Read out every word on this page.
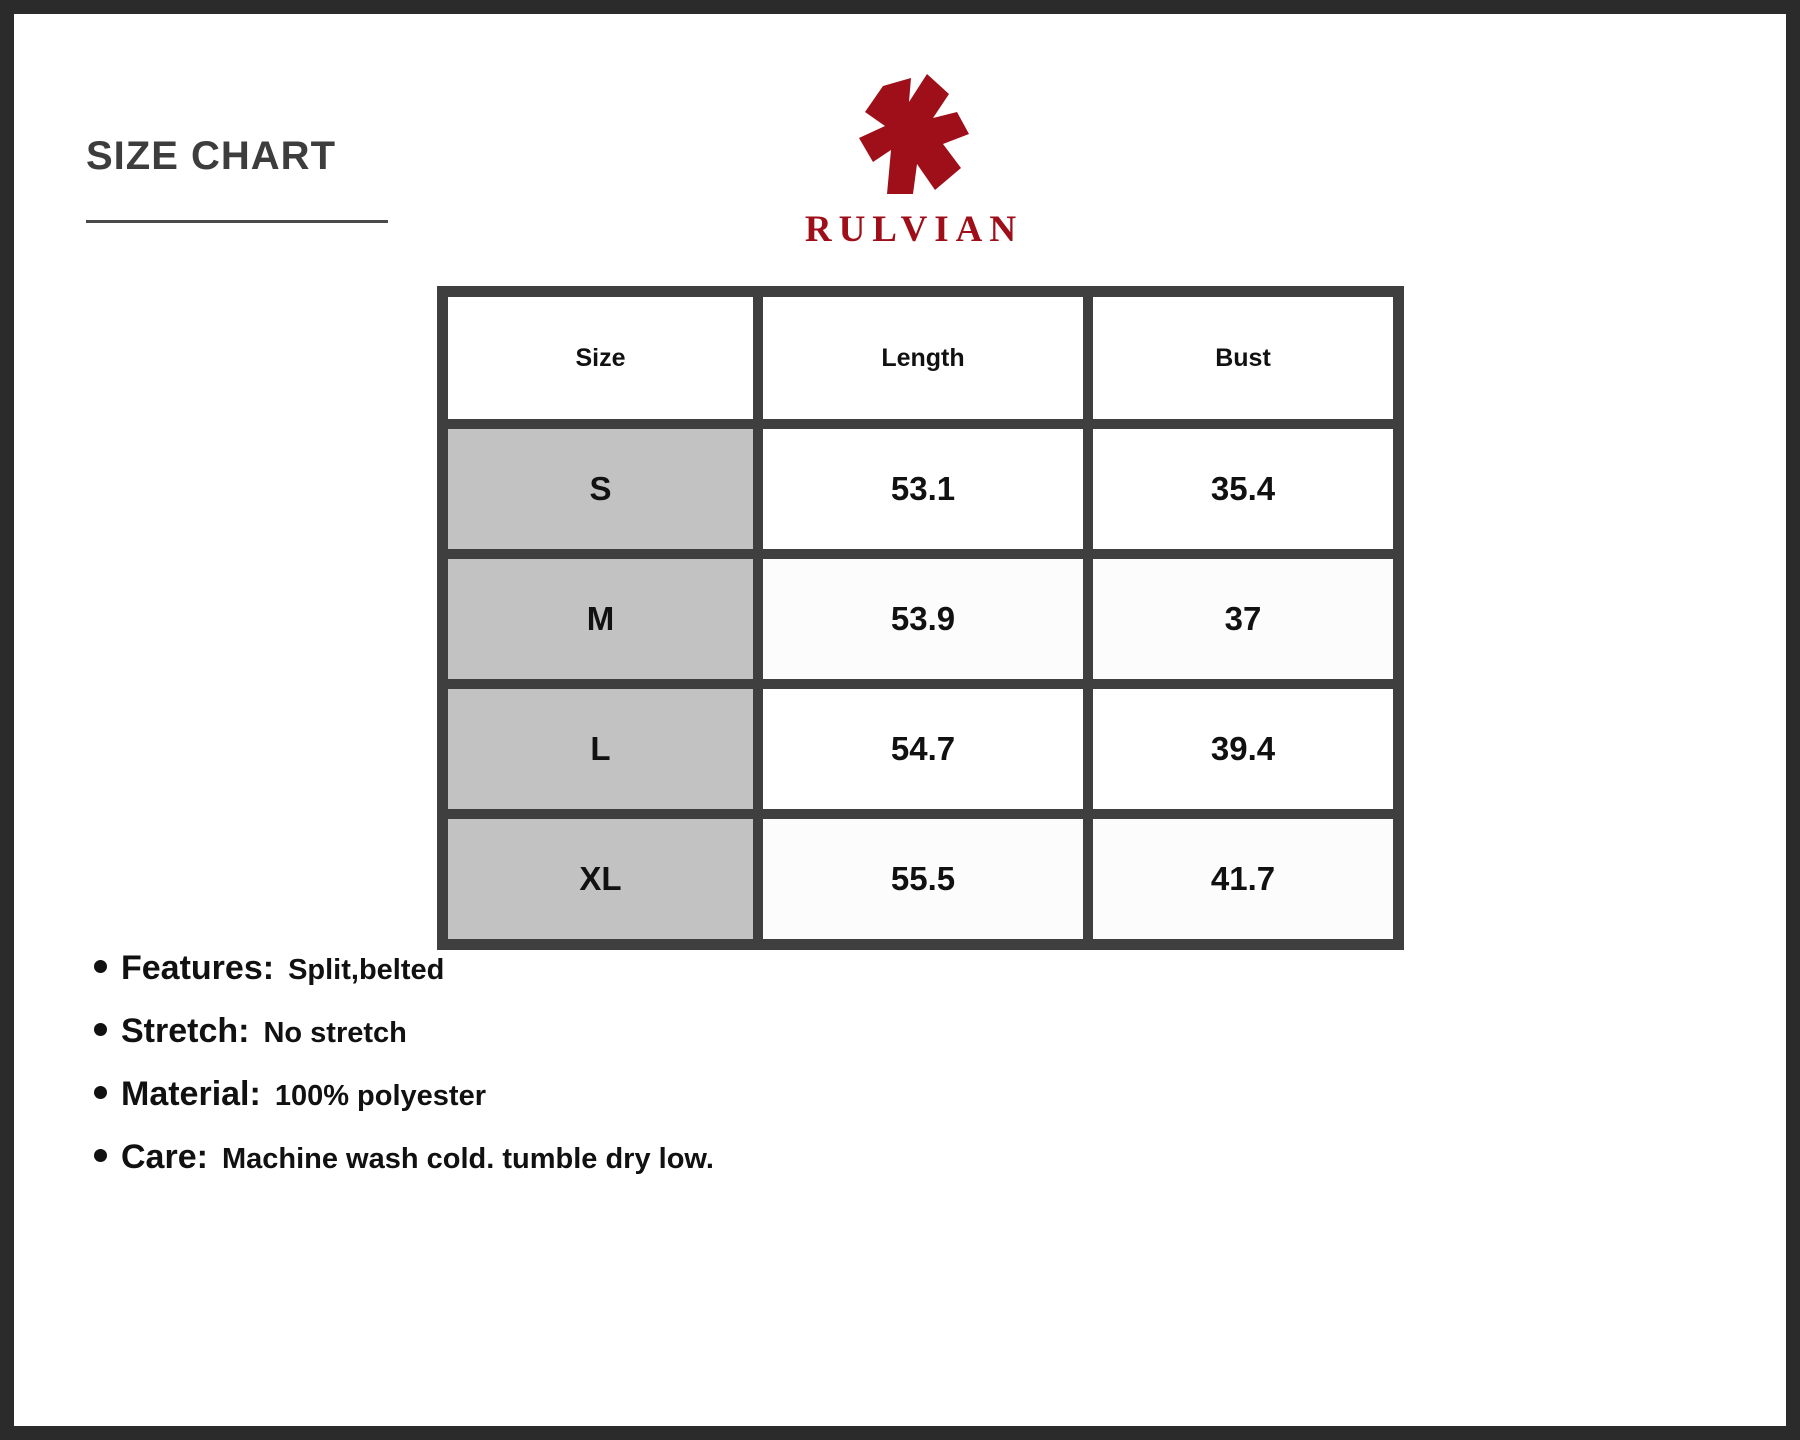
SIZE CHART
RULVIAN
Size	Length	Bust
S	53.1	35.4
M	53.9	37
L	54.7	39.4
XL	55.5	41.7
Features: Split,belted
Stretch: No stretch
Material: 100% polyester
Care: Machine wash cold. tumble dry low.
